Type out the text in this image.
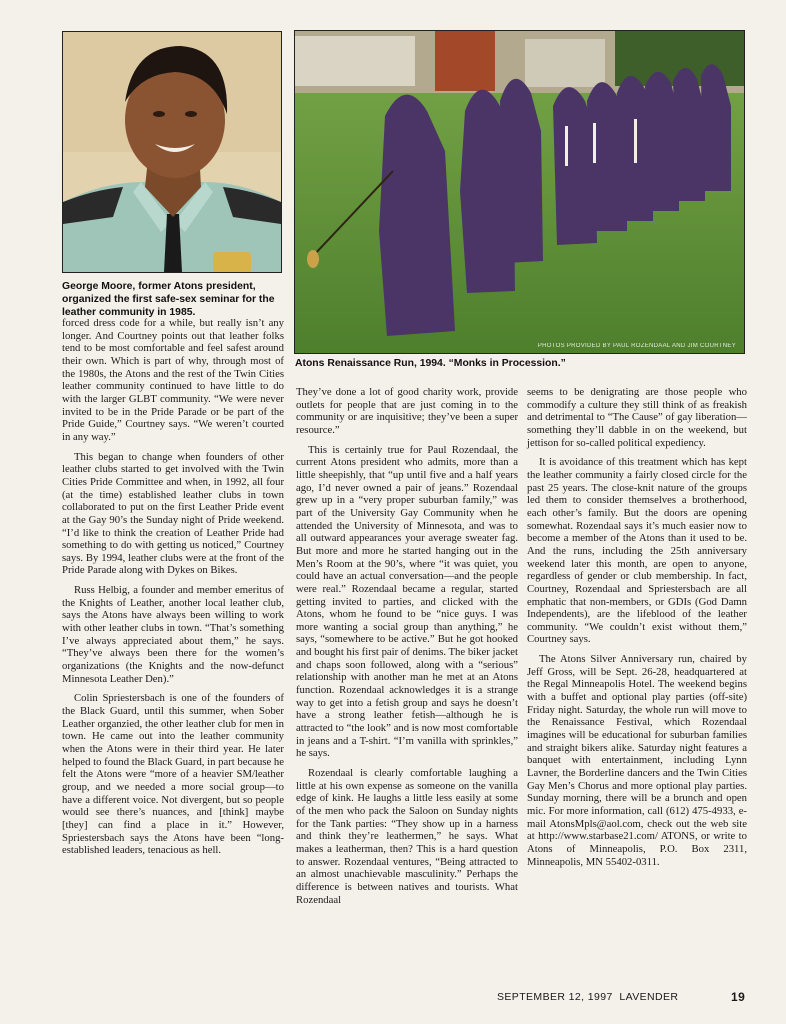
George Moore, former Atons president, organized the first safe-sex seminar for the leather community in 1985.
PHOTOS PROVIDED BY PAUL ROZENDAAL AND JIM COURTNEY
Atons Renaissance Run, 1994. “Monks in Procession.”

forced dress code for a while, but really isn’t any longer. And Courtney points out that leather folks tend to be most comfortable and feel safest around their own. Which is part of why, through most of the 1980s, the Atons and the rest of the Twin Cities leather community continued to have little to do with the larger GLBT community. “We were never invited to be in the Pride Parade or be part of the Pride Guide,” Courtney says. “We weren’t courted in any way.”

This began to change when founders of other leather clubs started to get involved with the Twin Cities Pride Committee and when, in 1992, all four (at the time) established leather clubs in town collaborated to put on the first Leather Pride event at the Gay 90’s the Sunday night of Pride weekend. “I’d like to think the creation of Leather Pride had something to do with getting us noticed,” Courtney says. By 1994, leather clubs were at the front of the Pride Parade along with Dykes on Bikes.

Russ Helbig, a founder and member emeritus of the Knights of Leather, another local leather club, says the Atons have always been willing to work with other leather clubs in town. “That’s something I’ve always appreciated about them,” he says. “They’ve always been there for the women’s organizations (the Knights and the now-defunct Minnesota Leather Den).”

Colin Spriestersbach is one of the founders of the Black Guard, until this summer, when Sober Leather organzied, the other leather club for men in town. He came out into the leather community when the Atons were in their third year. He later helped to found the Black Guard, in part because he felt the Atons were “more of a heavier SM/leather group, and we needed a more social group—to have a different voice. Not divergent, but so people would see there’s nuances, and [think] maybe [they] can find a place in it.” However, Spriestersbach says the Atons have been “long-established leaders, tenacious as hell.

They’ve done a lot of good charity work, provide outlets for people that are just coming in to the community or are inquisitive; they’ve been a super resource.”

This is certainly true for Paul Rozendaal, the current Atons president who admits, more than a little sheepishly, that “up until five and a half years ago, I’d never owned a pair of jeans.” Rozendaal grew up in a “very proper suburban family,” was part of the University Gay Community when he attended the University of Minnesota, and was to all outward appearances your average sweater fag. But more and more he started hanging out in the Men’s Room at the 90’s, where “it was quiet, you could have an actual conversation—and the people were real.” Rozendaal became a regular, started getting invited to parties, and clicked with the Atons, whom he found to be “nice guys. I was more wanting a social group than anything,” he says, “somewhere to be active.” But he got hooked and bought his first pair of denims. The biker jacket and chaps soon followed, along with a “serious” relationship with another man he met at an Atons function. Rozendaal acknowledges it is a strange way to get into a fetish group and says he doesn’t have a strong leather fetish—although he is attracted to “the look” and is now most comfortable in jeans and a T-shirt. “I’m vanilla with sprinkles,” he says.

Rozendaal is clearly comfortable laughing a little at his own expense as someone on the vanilla edge of kink. He laughs a little less easily at some of the men who pack the Saloon on Sunday nights for the Tank parties: “They show up in a harness and think they’re leathermen,” he says. What makes a leatherman, then? This is a hard question to answer. Rozendaal ventures, “Being attracted to an almost unachievable masculinity.” Perhaps the difference is between natives and tourists. What Rozendaal

seems to be denigrating are those people who commodify a culture they still think of as freakish and detrimental to “The Cause” of gay liberation—something they’ll dabble in on the weekend, but jettison for so-called political expediency.

It is avoidance of this treatment which has kept the leather community a fairly closed circle for the past 25 years. The close-knit nature of the groups led them to consider themselves a brotherhood, each other’s family. But the doors are opening somewhat. Rozendaal says it’s much easier now to become a member of the Atons than it used to be. And the runs, including the 25th anniversary weekend later this month, are open to anyone, regardless of gender or club membership. In fact, Courtney, Rozendaal and Spriestersbach are all emphatic that non-members, or GDIs (God Damn Independents), are the lifeblood of the leather community. “We couldn’t exist without them,” Courtney says.

The Atons Silver Anniversary run, chaired by Jeff Gross, will be Sept. 26-28, headquartered at the Regal Minneapolis Hotel. The weekend begins with a buffet and optional play parties (off-site) Friday night. Saturday, the whole run will move to the Renaissance Festival, which Rozendaal imagines will be educational for suburban families and straight bikers alike. Saturday night features a banquet with entertainment, including Lynn Lavner, the Borderline dancers and the Twin Cities Gay Men’s Chorus and more optional play parties. Sunday morning, there will be a brunch and open mic. For more information, call (612) 475-4933, e-mail AtonsMpls@aol.com, check out the web site at http://www.starbase21.com/ ATONS, or write to Atons of Minneapolis, P.O. Box 2311, Minneapolis, MN 55402-0311.

SEPTEMBER 12, 1997  LAVENDER	19
